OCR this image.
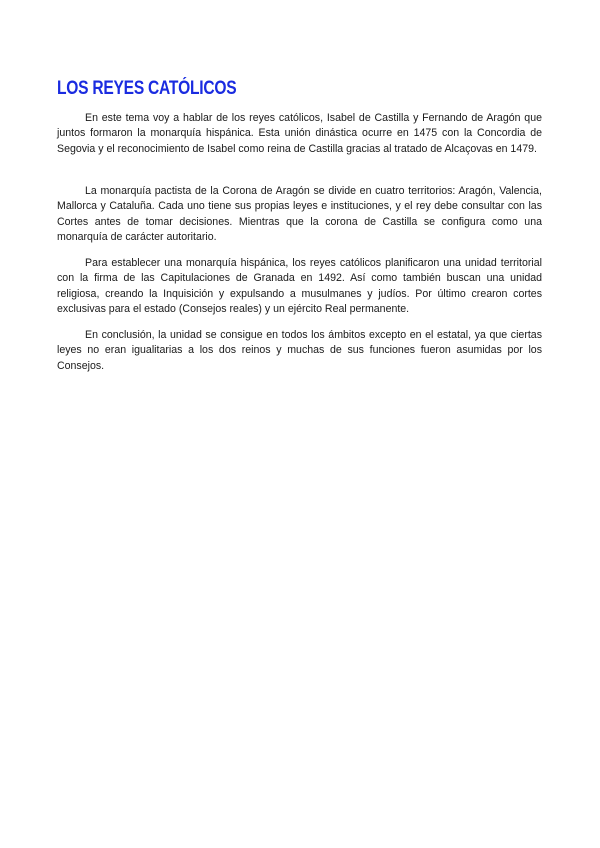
LOS REYES CATÓLICOS

En este tema voy a hablar de los reyes católicos, Isabel de Castilla y Fernando de Aragón que juntos formaron la monarquía hispánica. Esta unión dinástica ocurre en 1475 con la Concordia de Segovia y el reconocimiento de Isabel como reina de Castilla gracias al tratado de Alcaçovas en 1479.

La monarquía pactista de la Corona de Aragón se divide en cuatro territorios: Aragón, Valencia, Mallorca y Cataluña. Cada uno tiene sus propias leyes e instituciones, y el rey debe consultar con las Cortes antes de tomar decisiones. Mientras que la corona de Castilla se configura como una monarquía de carácter autoritario.

Para establecer una monarquía hispánica, los reyes católicos planificaron una unidad territorial con la firma de las Capitulaciones de Granada en 1492. Así como también buscan una unidad religiosa, creando la Inquisición y expulsando a musulmanes y judíos. Por último crearon cortes exclusivas para el estado (Consejos reales) y un ejército Real permanente.

En conclusión, la unidad se consigue en todos los ámbitos excepto en el estatal, ya que ciertas leyes no eran igualitarias a los dos reinos y muchas de sus funciones fueron asumidas por los Consejos.
